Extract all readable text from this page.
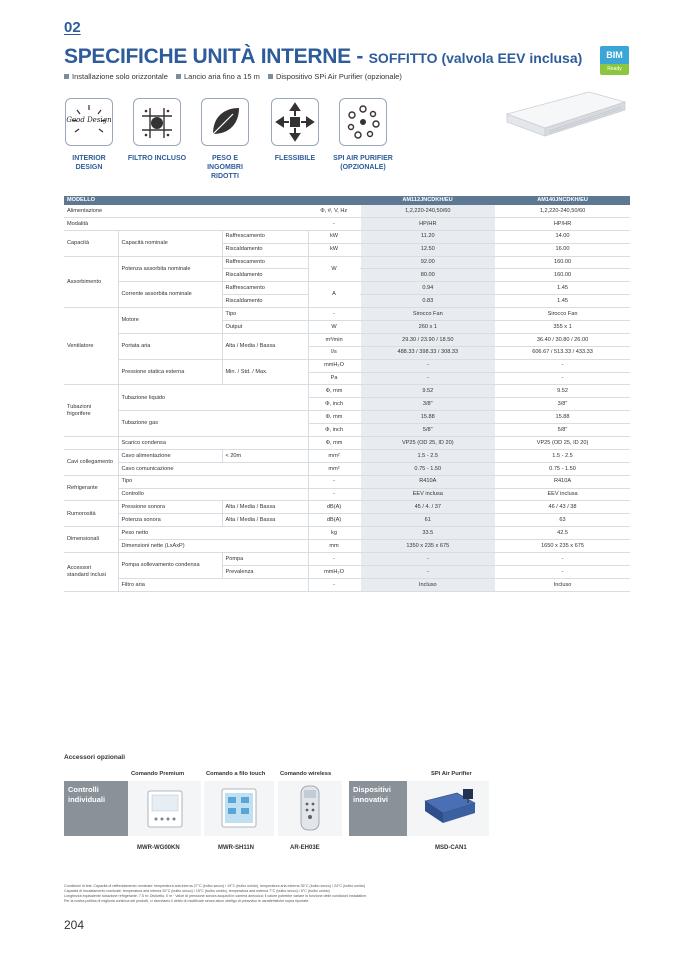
02
SPECIFICHE UNITÀ INTERNE - SOFFITTO (valvola EEV inclusa)	BIM
Ready
Installazione solo orizzontale Lancio aria fino a 15 m Dispositivo SPi Air Purifier (opzionale)
Good Design
INTERIOR DESIGN
FILTRO INCLUSO	PESO E INGOMBRI RIDOTTI
FLESSIBILE	SPI AIR PURIFIER (OPZIONALE)
MODELLO				AM112JNCDKH/EU	AM140JNCDKH/EU
Alimentazione			Φ, #, V, Hz	1,2,220-240,50/60	1,2,220-240,50/60
Modalità			-	HP/HR	HP/HR
Capacità	Capacità nominale	Raffrescamento	kW	11.20	14.00
		Riscaldamento	kW	12.50	16.00
Assorbimento	Potenza assorbita nominale	Raffrescamento	W	92.00	160.00
		Riscaldamento		80.00	160.00
	Corrente assorbita nominale	Raffrescamento	A	0.94	1.45
		Riscaldamento		0.83	1.45
Ventilatore	Motore	Tipo	-	Sirocco Fan	Sirocco Fan
		Output	W	260 x 1	355 x 1
	Portata aria	Alta / Media / Bassa	m³/min	29.30 / 23.90 / 18.50	36.40 / 30.80 / 26.00
			l/s	488.33 / 398.33 / 308.33	606.67 / 513.33 / 433.33
	Pressione statica esterna	Min. / Std. / Max.	mmH₂O	-	-
			Pa	-	-
Tubazioni frigorifere	Tubazione liquido		Φ, mm	9.52	9.52
			Φ, inch	3/8"	3/8"
	Tubazione gas		Φ, mm	15.88	15.88
			Φ, inch	5/8"	5/8"
	Scarico condensa		Φ, mm	VP25 (OD 25, ID 20)	VP25 (OD 25, ID 20)
Cavi collegamento	Cavo alimentazione	< 20m	mm²	1.5 - 2.5	1.5 - 2.5
	Cavo comunicazione		mm²	0.75 - 1.50	0.75 - 1.50
Refrigerante	Tipo		-	R410A	R410A
	Controllo		-	EEV inclusa	EEV inclusa
Rumorosità	Pressione sonora	Alta / Media / Bassa	dB(A)	45 / 4. / 37	46 / 43 / 38
	Potenza sonora	Alta / Media / Bassa	dB(A)	61	63
Dimensionali	Peso netto		kg	33.5	42.5
	Dimensioni nette (LxAxP)		mm	1350 x 235 x 675	1650 x 235 x 675
Accessori standard inclusi	Pompa sollevamento condensa	Pompa	-	-	-
		Prevalenza	mmH₂O	-	-
	Filtro aria		-	Incluso	Incluso
Accessori opzionali
Controlli individuali
Comando Premium
MWR-WG00KN
Comando a filo touch
MWR-SH11N
Comando wireless
AR-EH03E
Dispositivi innovativi
SPi Air Purifier
MSD-CAN1
Condizioni di test: Capacità di raffreddamento nominale: temperatura aria interna 27°C (bulbo secco) / 19°C (bulbo umido), temperatura aria esterna 35°C (bulbo secco) / 24°C (bulbo umido)
Capacità di riscaldamento nominale: temperatura aria interna 20°C (bulbo secco) / 15°C (bulbo umido), temperatura aria esterna 7°C (bulbo secco) / 6°C (bulbo umido)
Lunghezza equivalente tubazione refrigerante: 7.5 m; Dislivello: 0 m · Valori di pressione sonora acquisiti in camera anecoica; il valore potrebbe variare in funzione delle condizioni installative.
Per la nostra politica di miglioria continua dei prodotti, ci riserviamo il diritto di modificare senza alcun obbligo di preavviso le caratteristiche sopra riportate.
204
